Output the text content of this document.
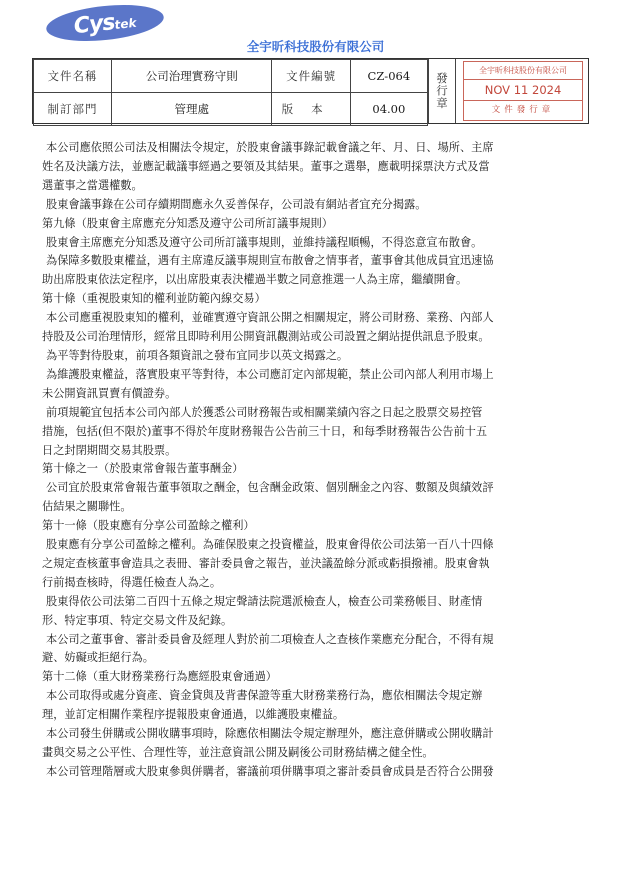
Cystek
全宇昕科技股份有限公司
文件名稱	公司治理實務守則	文件編號	CZ-064
制訂部門	管理處	版本	04.00	發行章
全宇昕科技股份有限公司
NOV 11 2024
文件發行章

本公司應依照公司法及相關法令規定，於股東會議事錄記載會議之年、月、日、場所、主席

姓名及決議方法，並應記載議事經過之要領及其結果。董事之選舉，應載明採票決方式及當

選董事之當選權數。

股東會議事錄在公司存續期間應永久妥善保存，公司設有網站者宜充分揭露。

第九條（股東會主席應充分知悉及遵守公司所訂議事規則）

股東會主席應充分知悉及遵守公司所訂議事規則，並維持議程順暢，不得恣意宣布散會。

為保障多數股東權益，遇有主席違反議事規則宣布散會之情事者，董事會其他成員宜迅速協

助出席股東依法定程序，以出席股東表決權過半數之同意推選一人為主席，繼續開會。

第十條（重視股東知的權利並防範內線交易）

本公司應重視股東知的權利，並確實遵守資訊公開之相關規定，將公司財務、業務、內部人

持股及公司治理情形，經常且即時利用公開資訊觀測站或公司設置之網站提供訊息予股東。

為平等對待股東，前項各類資訊之發布宜同步以英文揭露之。

為維護股東權益，落實股東平等對待，本公司應訂定內部規範，禁止公司內部人利用市場上

未公開資訊買賣有價證券。

前項規範宜包括本公司內部人於獲悉公司財務報告或相關業績內容之日起之股票交易控管

措施，包括(但不限於)董事不得於年度財務報告公告前三十日，和每季財務報告公告前十五

日之封閉期間交易其股票。

第十條之一（於股東常會報告董事酬金）

公司宜於股東常會報告董事領取之酬金，包含酬金政策、個別酬金之內容、數額及與績效評

估結果之關聯性。

第十一條（股東應有分享公司盈餘之權利）

股東應有分享公司盈餘之權利。為確保股東之投資權益，股東會得依公司法第一百八十四條

之規定查核董事會造具之表冊、審計委員會之報告，並決議盈餘分派或虧損撥補。股東會執

行前揭查核時，得選任檢查人為之。

股東得依公司法第二百四十五條之規定聲請法院選派檢查人，檢查公司業務帳目、財產情

形、特定事項、特定交易文件及紀錄。

本公司之董事會、審計委員會及經理人對於前二項檢查人之查核作業應充分配合，不得有規

避、妨礙或拒絕行為。

第十二條（重大財務業務行為應經股東會通過）

本公司取得或處分資產、資金貸與及背書保證等重大財務業務行為，應依相關法令規定辦

理，並訂定相關作業程序提報股東會通過，以維護股東權益。

本公司發生併購或公開收購事項時，除應依相關法令規定辦理外，應注意併購或公開收購計

畫與交易之公平性、合理性等，並注意資訊公開及嗣後公司財務結構之健全性。

本公司管理階層或大股東參與併購者，審議前項併購事項之審計委員會成員是否符合公開發
